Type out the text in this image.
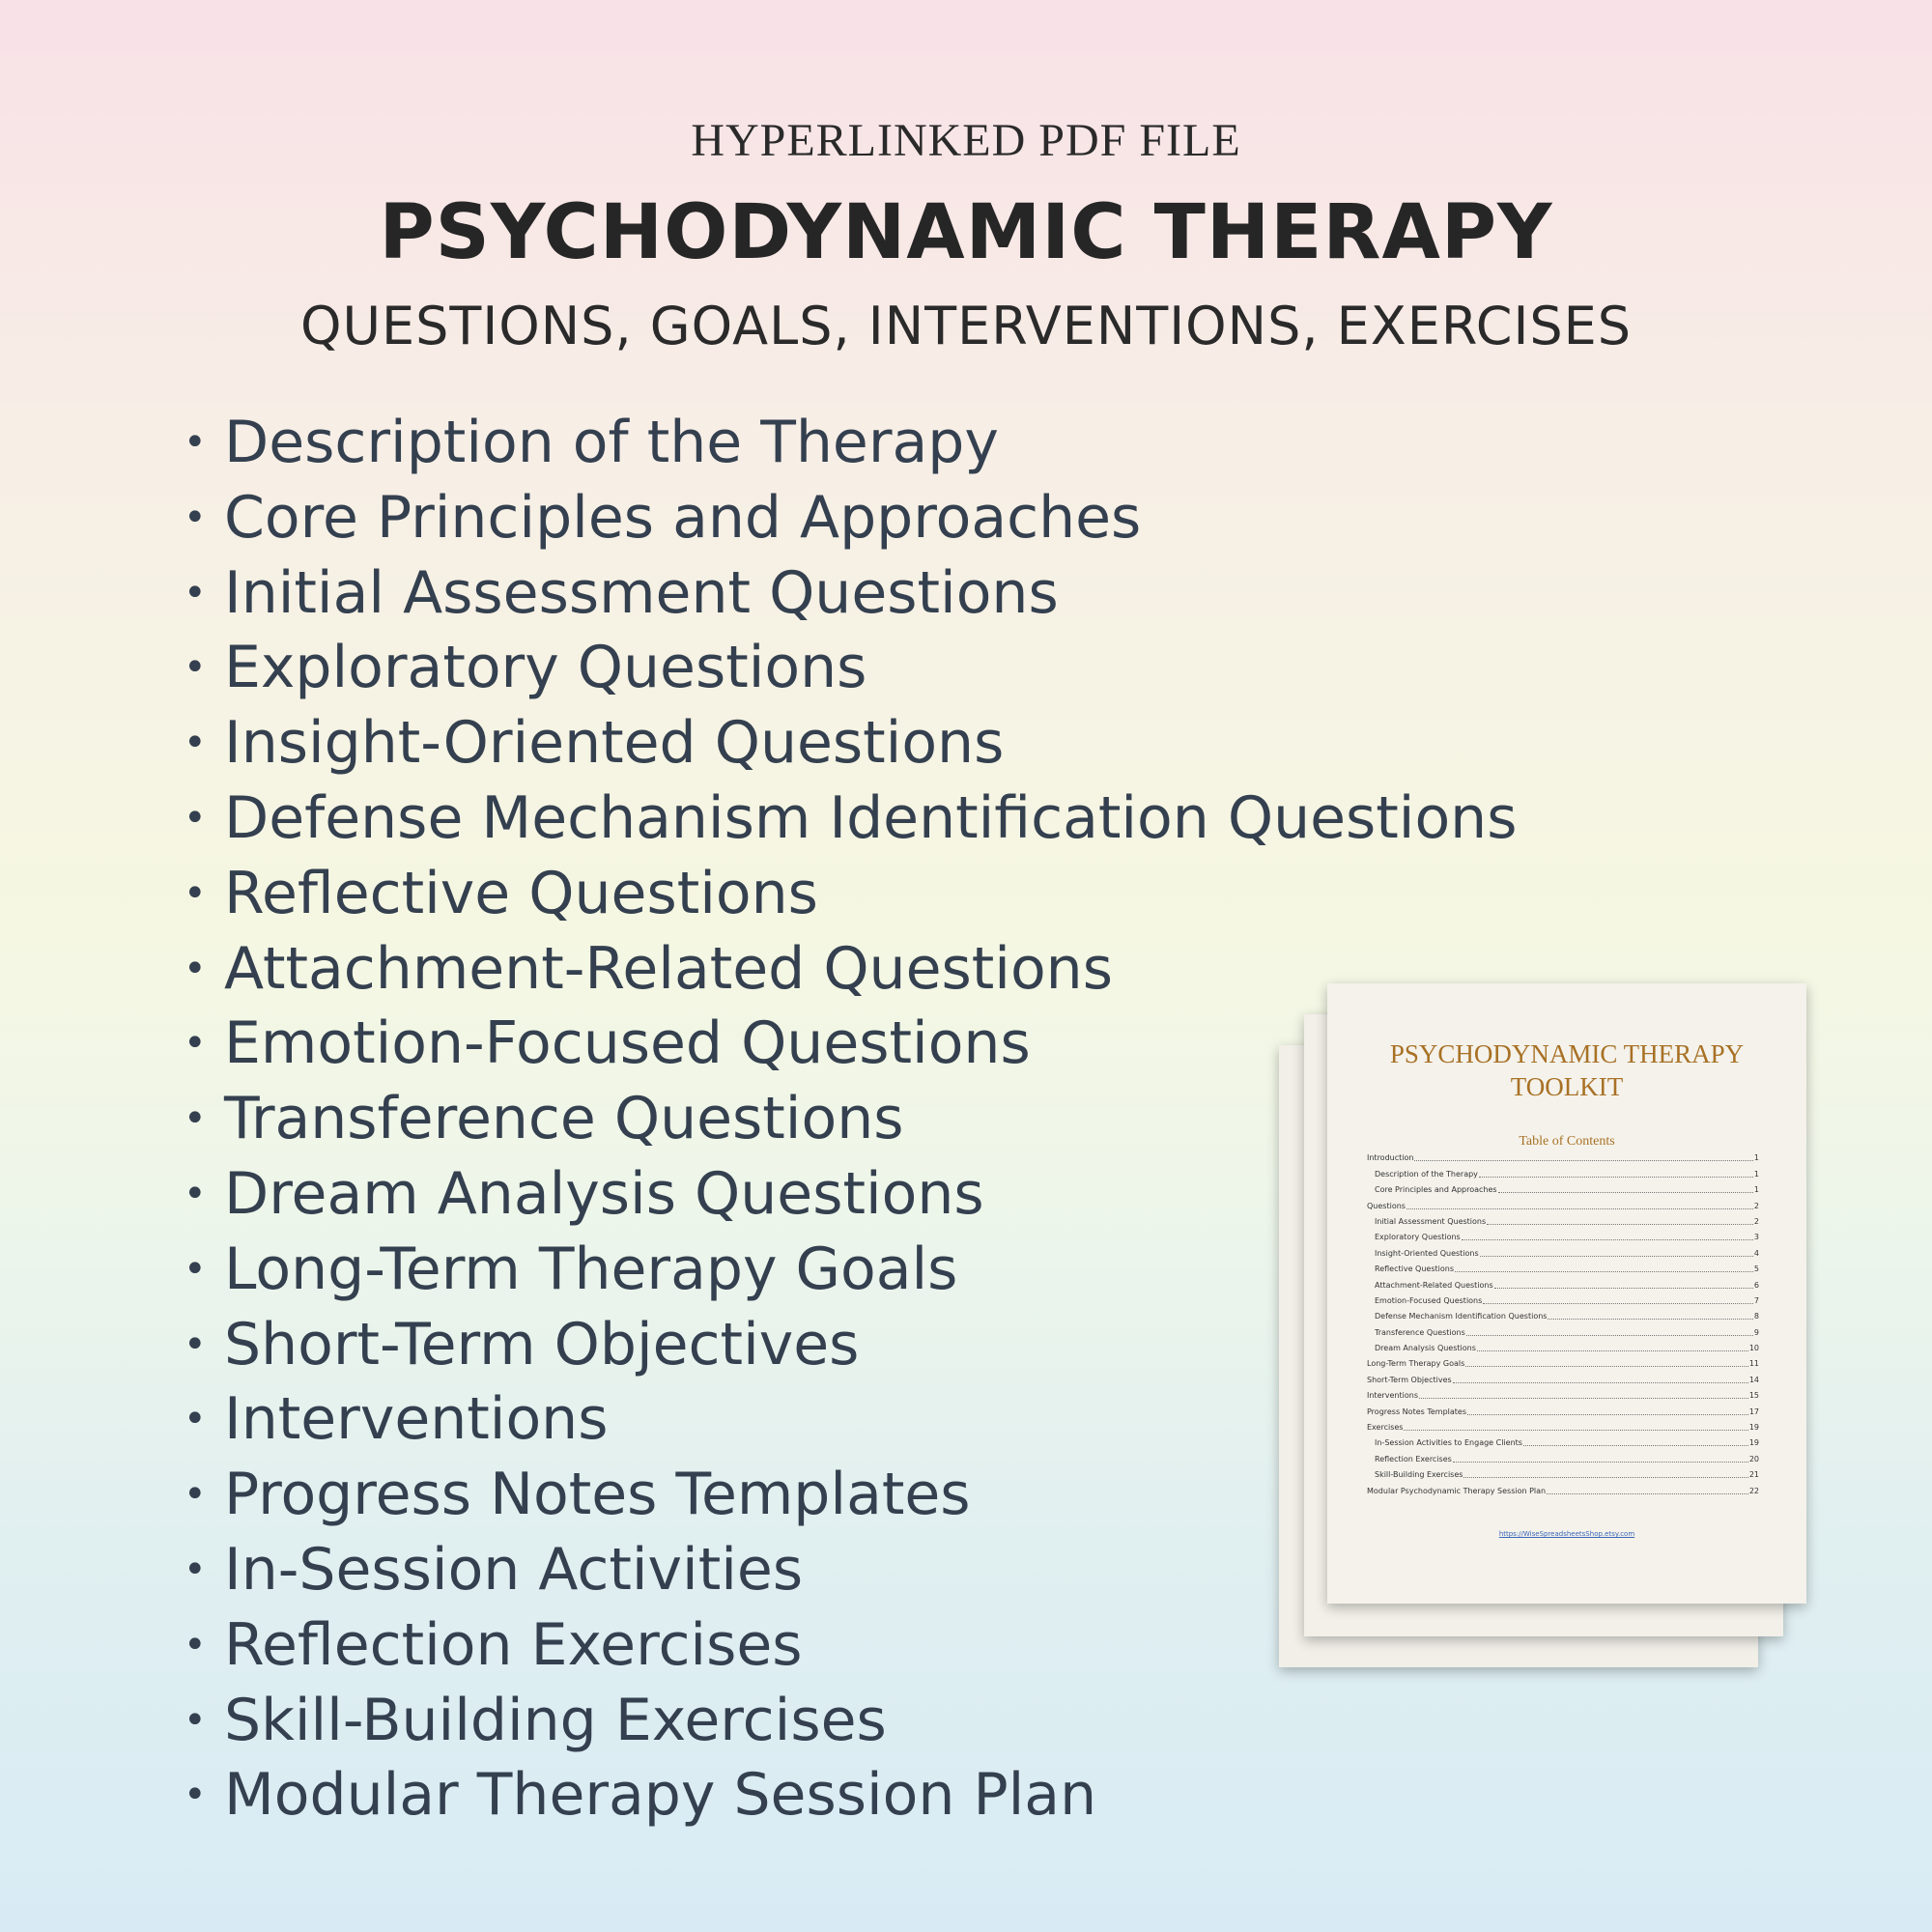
HYPERLINKED PDF FILE
PSYCHODYNAMIC THERAPY
QUESTIONS, GOALS, INTERVENTIONS, EXERCISES
• Description of the Therapy
• Core Principles and Approaches
• Initial Assessment Questions
• Exploratory Questions
• Insight-Oriented Questions
• Defense Mechanism Identification Questions
• Reflective Questions
• Attachment-Related Questions
• Emotion-Focused Questions
• Transference Questions
• Dream Analysis Questions
• Long-Term Therapy Goals
• Short-Term Objectives
• Interventions
• Progress Notes Templates
• In-Session Activities
• Reflection Exercises
• Skill-Building Exercises
• Modular Therapy Session Plan
PSYCHODYNAMIC THERAPY
TOOLKIT
Table of Contents
Introduction	1
Description of the Therapy	1
Core Principles and Approaches	1
Questions	2
Initial Assessment Questions	2
Exploratory Questions	3
Insight-Oriented Questions	4
Reflective Questions	5
Attachment-Related Questions	6
Emotion-Focused Questions	7
Defense Mechanism Identification Questions	8
Transference Questions	9
Dream Analysis Questions	10
Long-Term Therapy Goals	11
Short-Term Objectives	14
Interventions	15
Progress Notes Templates	17
Exercises	19
In-Session Activities to Engage Clients	19
Reflection Exercises	20
Skill-Building Exercises	21
Modular Psychodynamic Therapy Session Plan	22
https://WiseSpreadsheetsShop.etsy.com
